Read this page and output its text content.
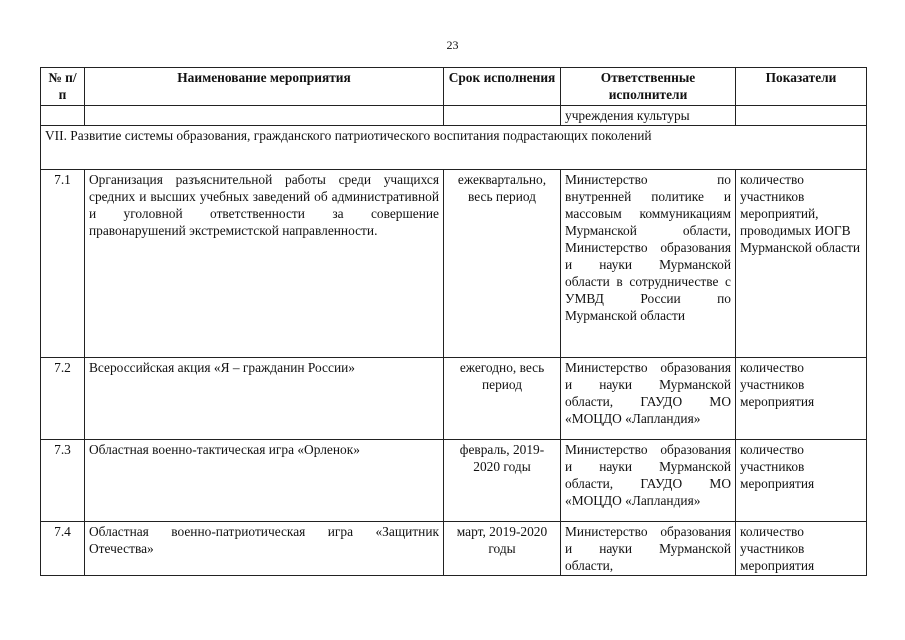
23
№ п/п	Наименование мероприятия	Срок исполнения	Ответственные исполнители	Показатели
			учреждения культуры	
VII. Развитие системы образования, гражданского патриотического воспитания подрастающих поколений				
7.1	Организация разъяснительной работы среди учащихся средних и высших учебных заведений об административной и уголовной ответственности за совершение правонарушений экстремистской направленности.	ежеквартально, весь период	Министерство по внутренней политике и массовым коммуникациям Мурманской области, Министерство образования и науки Мурманской области в сотрудничестве с УМВД России по Мурманской области	количество участников мероприятий, проводимых ИОГВ Мурманской области
7.2	Всероссийская акция «Я – гражданин России»	ежегодно, весь период	Министерство образования и науки Мурманской области, ГАУДО МО «МОЦДО «Лапландия»	количество участников мероприятия
7.3	Областная военно-тактическая игра «Орленок»	февраль, 2019-2020 годы	Министерство образования и науки Мурманской области, ГАУДО МО «МОЦДО «Лапландия»	количество участников мероприятия
7.4	Областная военно-патриотическая игра «Защитник Отечества»	март, 2019-2020 годы	Министерство образования и науки Мурманской области,	количество участников мероприятия
